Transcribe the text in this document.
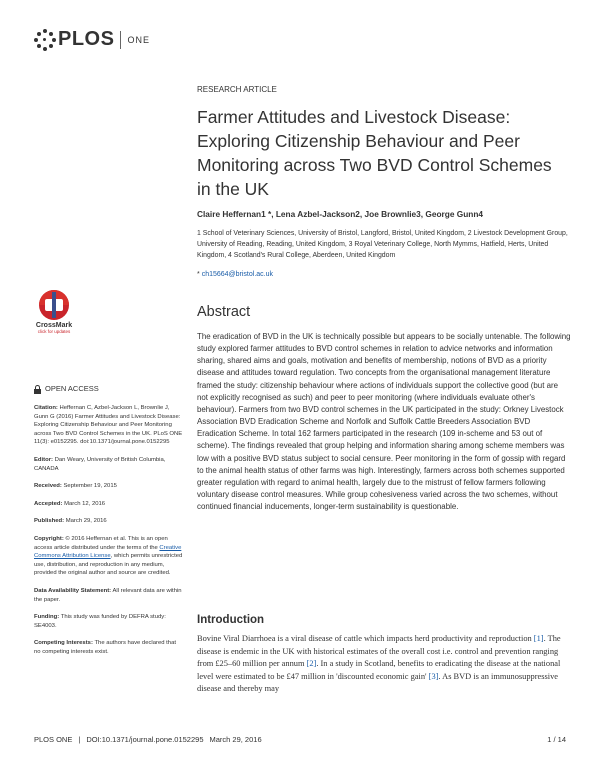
PLOS ONE
RESEARCH ARTICLE
Farmer Attitudes and Livestock Disease: Exploring Citizenship Behaviour and Peer Monitoring across Two BVD Control Schemes in the UK
Claire Heffernan1 *, Lena Azbel-Jackson2, Joe Brownlie3, George Gunn4
1 School of Veterinary Sciences, University of Bristol, Langford, Bristol, United Kingdom, 2 Livestock Development Group, University of Reading, Reading, United Kingdom, 3 Royal Veterinary College, North Mymms, Hatfield, Herts, United Kingdom, 4 Scotland's Rural College, Aberdeen, United Kingdom
* ch15664@bristol.ac.uk
CrossMark
click for updates
Abstract

The eradication of BVD in the UK is technically possible but appears to be socially untenable. The following study explored farmer attitudes to BVD control schemes in relation to advice networks and information sharing, shared aims and goals, motivation and benefits of membership, notions of BVD as a priority disease and attitudes toward regulation. Two concepts from the organisational management literature framed the study: citizenship behaviour where actions of individuals support the collective good (but are not explicitly recognised as such) and peer to peer monitoring (where individuals evaluate other's behaviour). Farmers from two BVD control schemes in the UK participated in the study: Orkney Livestock Association BVD Eradication Scheme and Norfolk and Suffolk Cattle Breeders Association BVD Eradication Scheme. In total 162 farmers participated in the research (109 in-scheme and 53 out of scheme). The findings revealed that group helping and information sharing among scheme members was low with a positive BVD status subject to social censure. Peer monitoring in the form of gossip with regard to the animal health status of other farms was high. Interestingly, farmers across both schemes supported greater regulation with regard to animal health, largely due to the mistrust of fellow farmers following voluntary disease control measures. While group cohesiveness varied across the two schemes, without continued financial inducements, longer-term sustainability is questionable.

OPEN ACCESS
Citation: Heffernan C, Azbel-Jackson L, Brownlie J, Gunn G (2016) Farmer Attitudes and Livestock Disease: Exploring Citizenship Behaviour and Peer Monitoring across Two BVD Control Schemes in the UK. PLoS ONE 11(3): e0152295. doi:10.1371/journal.pone.0152295
Editor: Dan Weary, University of British Columbia, CANADA
Received: September 19, 2015
Accepted: March 12, 2016
Published: March 29, 2016
Copyright: © 2016 Heffernan et al. This is an open access article distributed under the terms of the Creative Commons Attribution License, which permits unrestricted use, distribution, and reproduction in any medium, provided the original author and source are credited.
Data Availability Statement: All relevant data are within the paper.
Funding: This study was funded by DEFRA study: SE4003.
Competing Interests: The authors have declared that no competing interests exist.
Introduction

Bovine Viral Diarrhoea is a viral disease of cattle which impacts herd productivity and reproduction [1]. The disease is endemic in the UK with historical estimates of the overall cost i.e. control and prevention ranging from £25–60 million per annum [2]. In a study in Scotland, benefits to eradicating the disease at the national level were estimated to be £47 million in 'discounted economic gain' [3]. As BVD is an immunosuppressive disease and thereby may

PLOS ONE | DOI:10.1371/journal.pone.0152295 March 29, 2016	1 / 14
